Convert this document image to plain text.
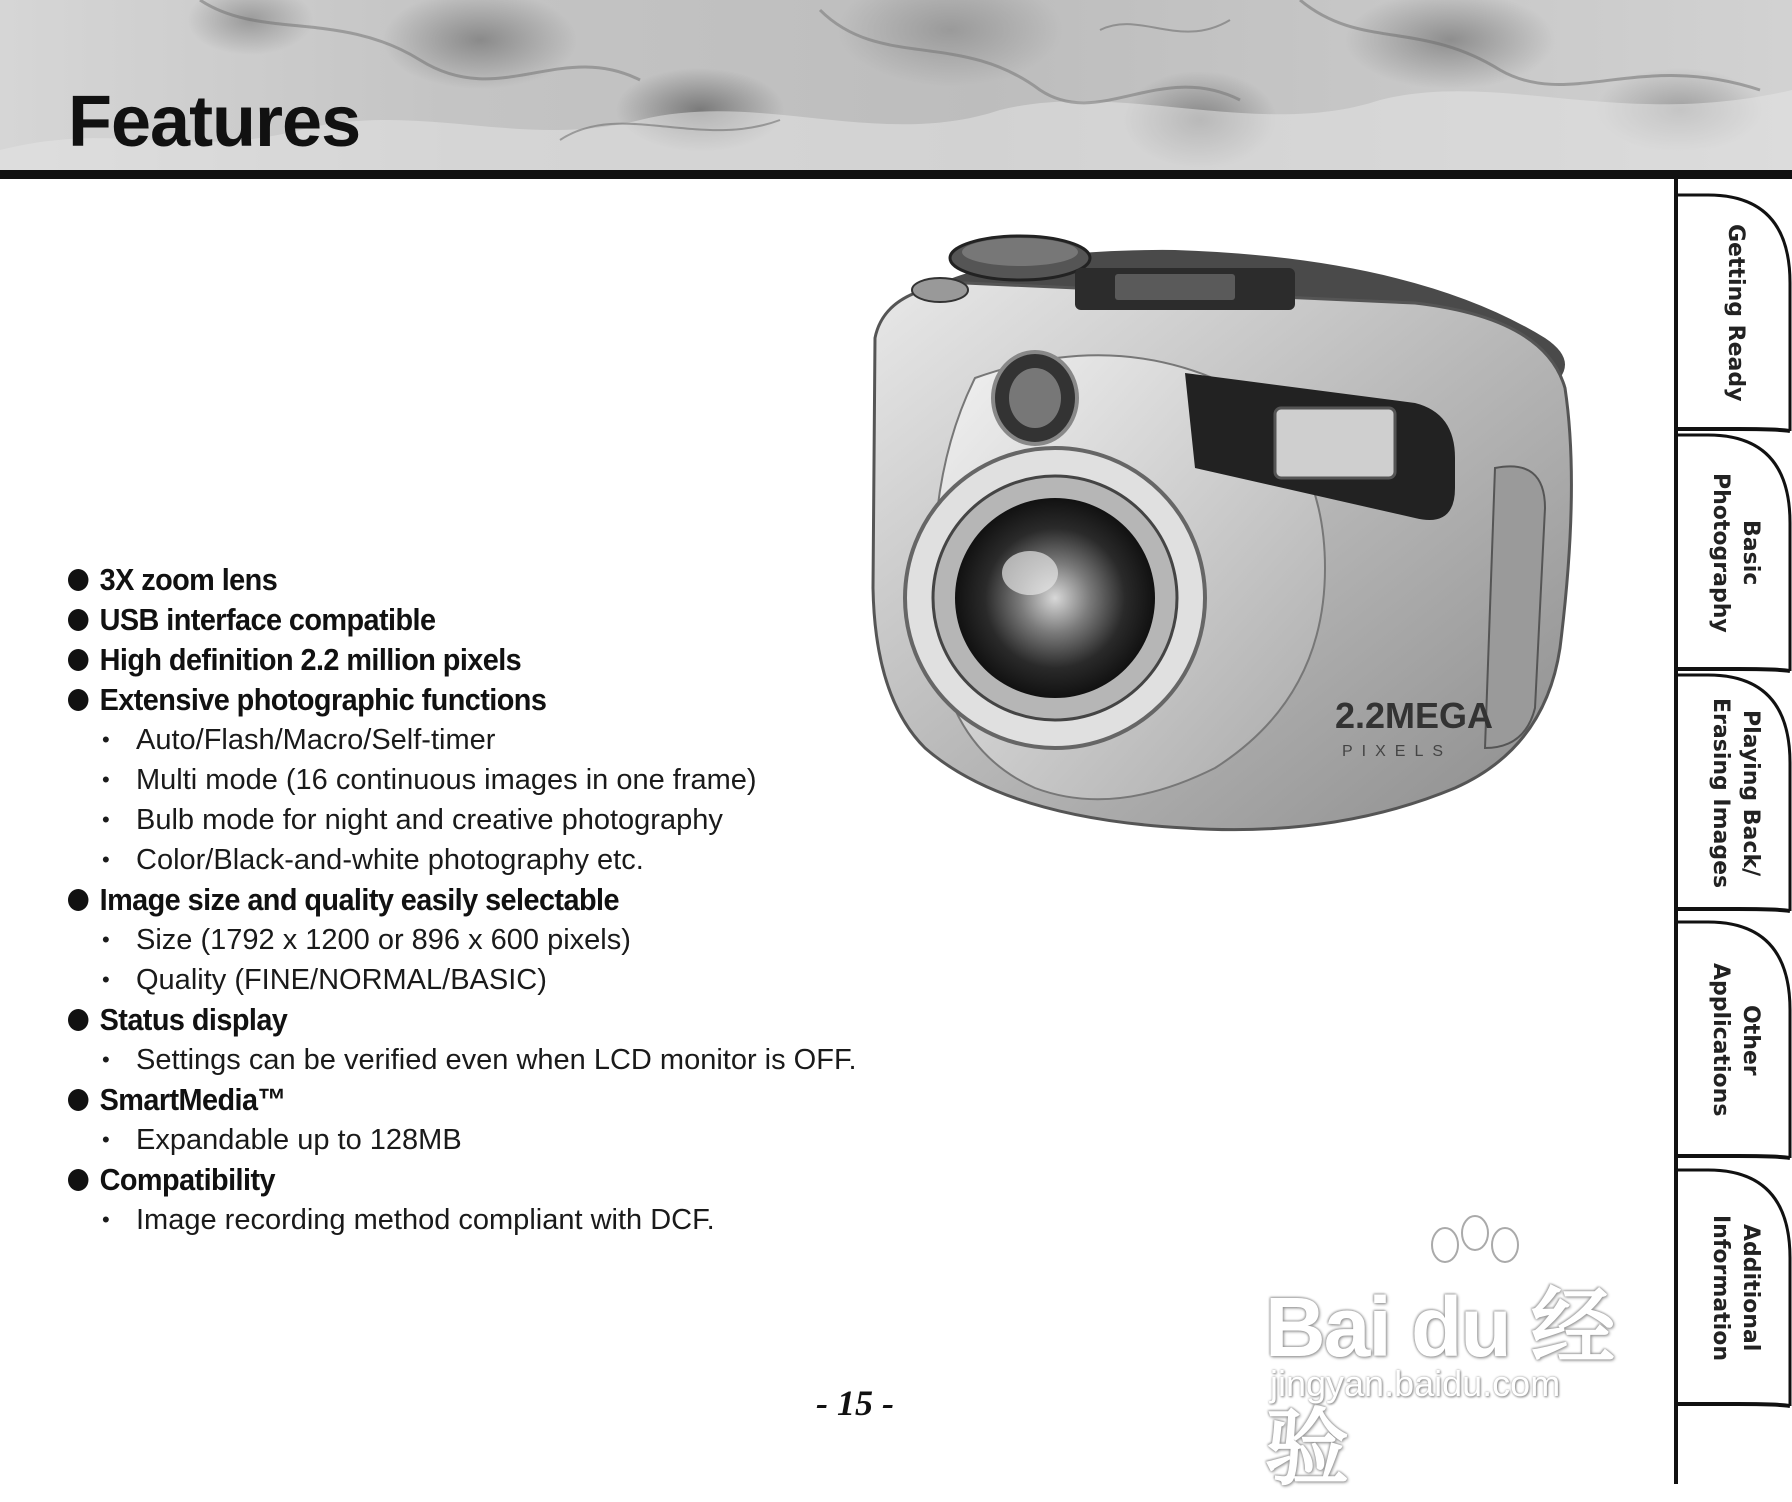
Features
Getting Ready
Basic
Photography
Playing Back/
Erasing Images
Other
Applications
Additional
Information
2.2MEGA
PIXELS
3X zoom lens
USB interface compatible
High definition 2.2 million pixels
Extensive photographic functions
• Auto/Flash/Macro/Self-timer
• Multi mode (16 continuous images in one frame)
• Bulb mode for night and creative photography
• Color/Black-and-white photography etc.
Image size and quality easily selectable
• Size (1792 x 1200 or 896 x 600 pixels)
• Quality (FINE/NORMAL/BASIC)
Status display
• Settings can be verified even when LCD monitor is OFF.
SmartMedia™
• Expandable up to 128MB
Compatibility
• Image recording method compliant with DCF.
- 15 -
Bai du 经验
jingyan.baidu.com
